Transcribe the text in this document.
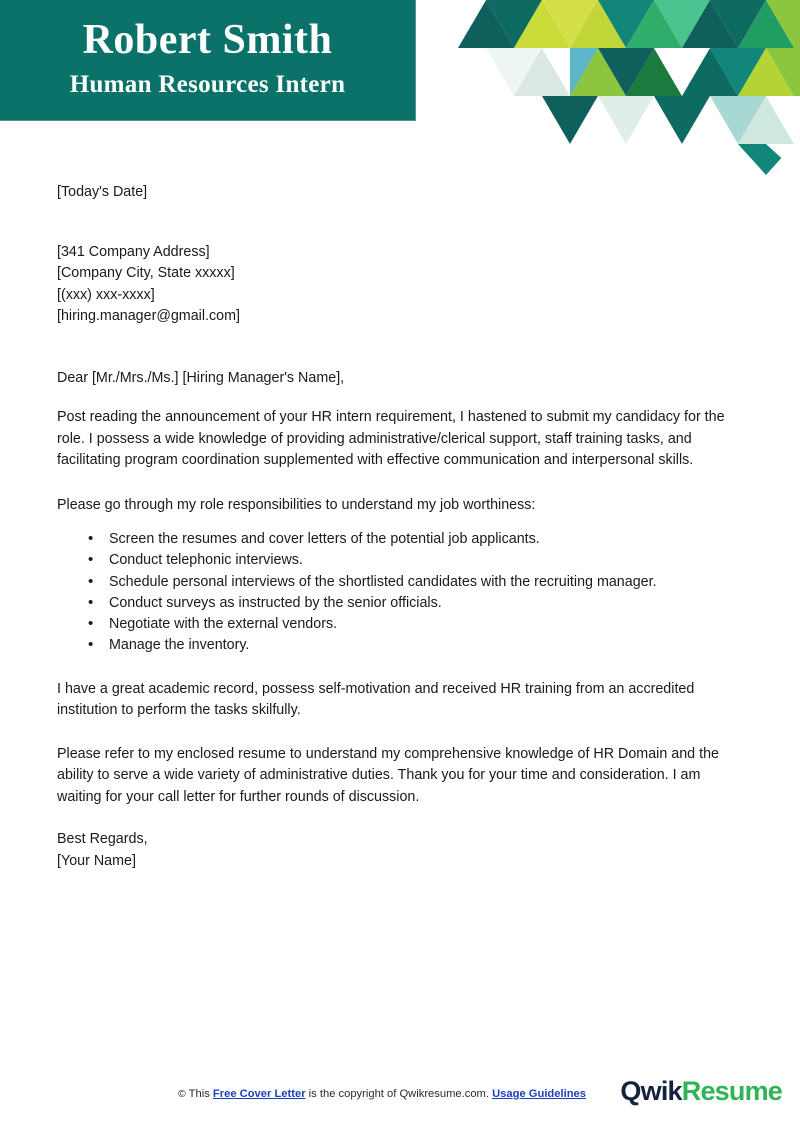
Robert Smith
Human Resources Intern
[Today's Date]
[341 Company Address]
[Company City, State xxxxx]
[(xxx) xxx-xxxx]
[hiring.manager@gmail.com]
Dear [Mr./Mrs./Ms.] [Hiring Manager's Name],

Post reading the announcement of your HR intern requirement, I hastened to submit my candidacy for the role. I possess a wide knowledge of providing administrative/clerical support, staff training tasks, and facilitating program coordination supplemented with effective communication and interpersonal skills.

Please go through my role responsibilities to understand my job worthiness:

• Screen the resumes and cover letters of the potential job applicants.
• Conduct telephonic interviews.
• Schedule personal interviews of the shortlisted candidates with the recruiting manager.
• Conduct surveys as instructed by the senior officials.
• Negotiate with the external vendors.
• Manage the inventory.

I have a great academic record, possess self-motivation and received HR training from an accredited institution to perform the tasks skilfully.

Please refer to my enclosed resume to understand my comprehensive knowledge of HR Domain and the ability to serve a wide variety of administrative duties. Thank you for your time and consideration. I am waiting for your call letter for further rounds of discussion.

Best Regards,
[Your Name]
© This Free Cover Letter is the copyright of Qwikresume.com. Usage Guidelines QwikResume
